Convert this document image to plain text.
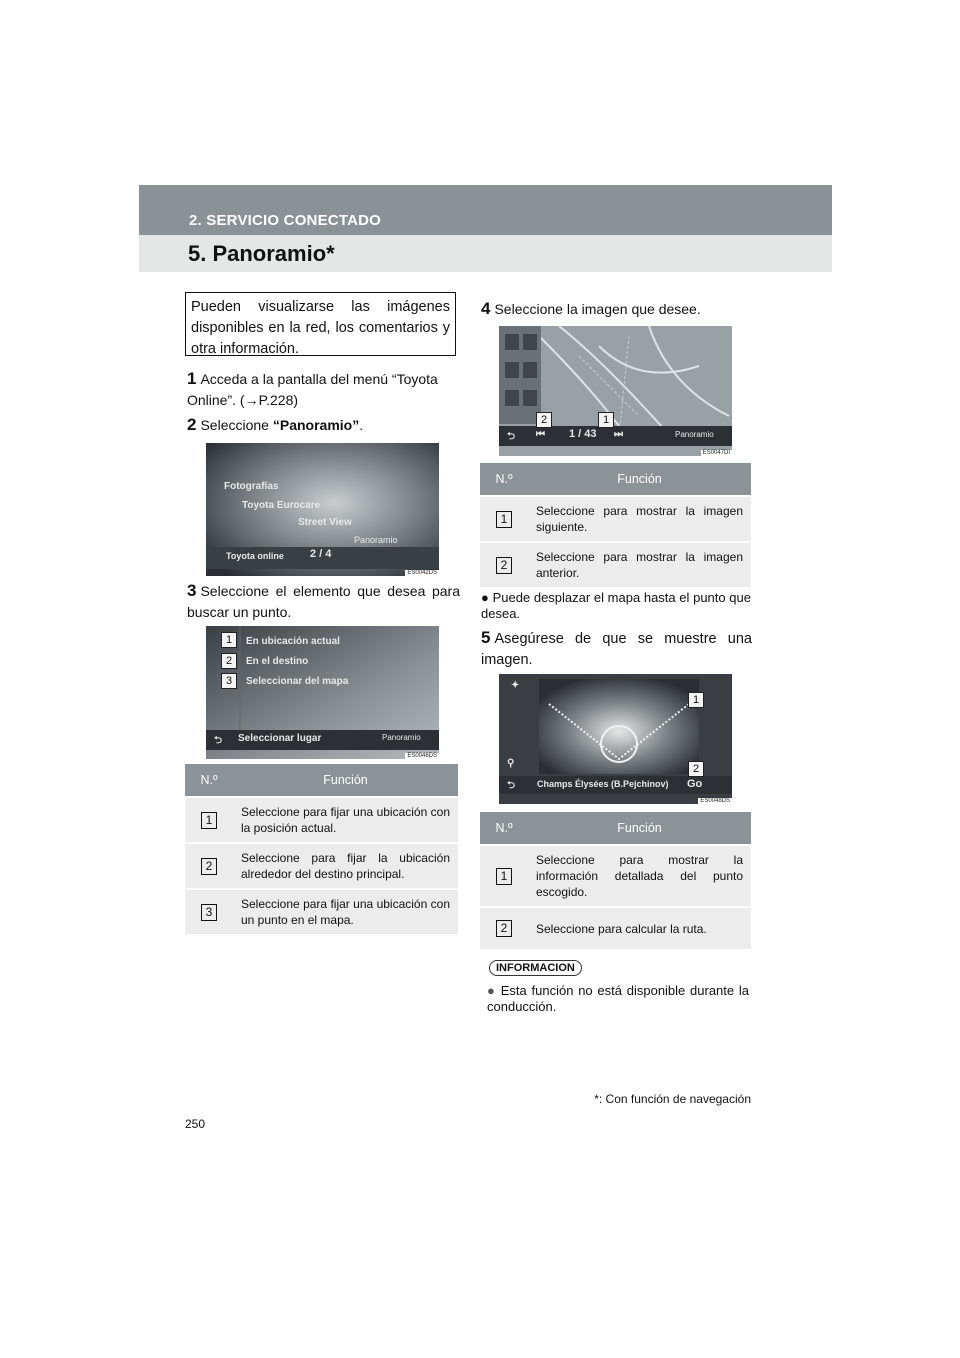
2. SERVICIO CONECTADO
5. Panoramio*
Pueden visualizarse las imágenes disponibles en la red, los comentarios y otra información.
1 Acceda a la pantalla del menú “Toyota Online”. (→P.228)
2 Seleccione “Panoramio”.
Fotografías
Toyota Eurocare
Street View
Panoramio
Toyota online 2 / 4
ES0042DS
3 Seleccione el elemento que desea para buscar un punto.
1
2
3
En ubicación actual
En el destino
Seleccionar del mapa
⮌ Seleccionar lugar	Panoramio
ES0046DS
N.º	Función
1	Seleccione para fijar una ubicación con la posición actual.
2	Seleccione para fijar la ubicación alrededor del destino principal.
3	Seleccione para fijar una ubicación con un punto en el mapa.
4 Seleccione la imagen que desee.
2	1
⮌ ⏮ 1 / 43 ⏭	Panoramio
ES0047DI
N.º	Función
1	Seleccione para mostrar la imagen siguiente.
2	Seleccione para mostrar la imagen anterior.
● Puede desplazar el mapa hasta el punto que desea.
5 Asegúrese de que se muestre una imagen.
1
2
✦
⚲
⮌ Champs Élysées (B.Pejchinov) Go
ES0048DS
N.º	Función
1	Seleccione para mostrar la información detallada del punto escogido.
2	Seleccione para calcular la ruta.
INFORMACION
● Esta función no está disponible durante la conducción.
*: Con función de navegación
250
